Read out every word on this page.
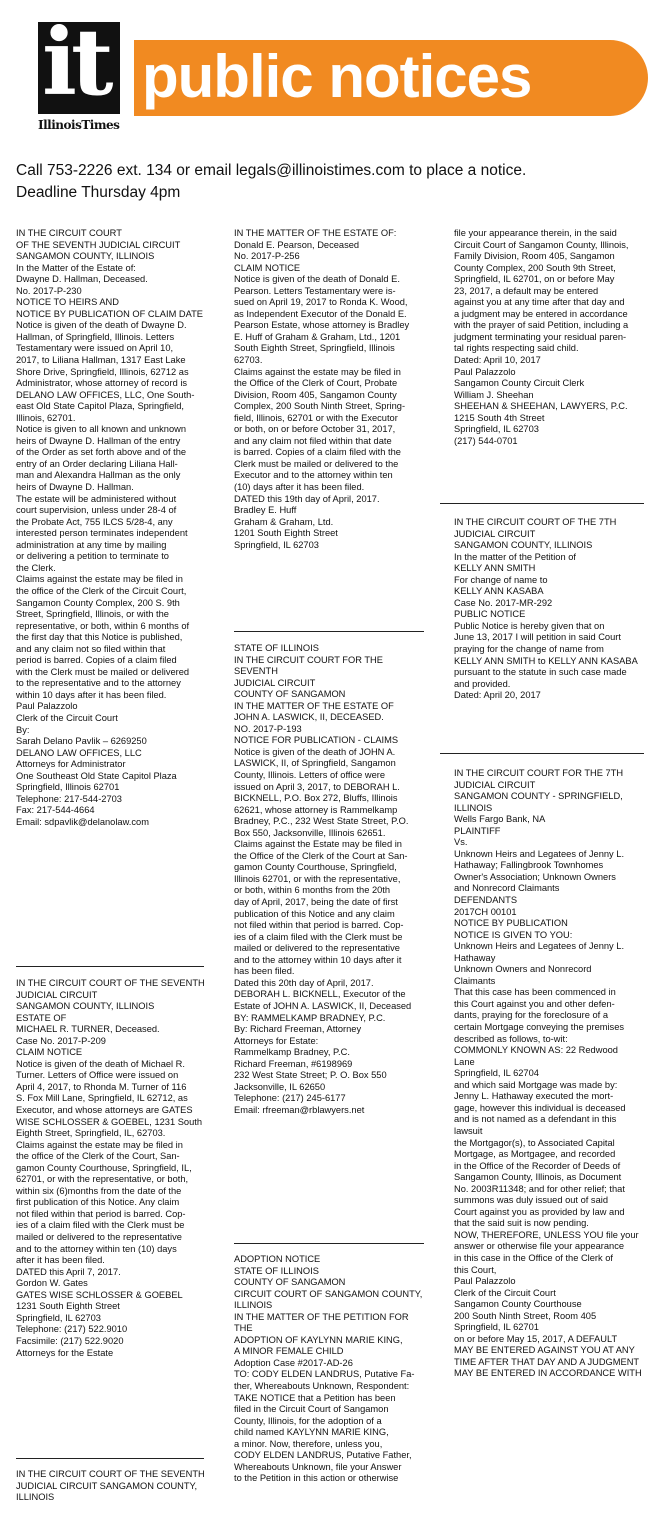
it
IllinoisTimes
public notices
Call 753-2226 ext. 134 or email legals@illinoistimes.com to place a notice.
Deadline Thursday 4pm

IN THE CIRCUIT COURT
OF THE SEVENTH JUDICIAL CIRCUIT
SANGAMON COUNTY, ILLINOIS
In the Matter of the Estate of:
Dwayne D. Hallman, Deceased.
No. 2017-P-230
NOTICE TO HEIRS AND
NOTICE BY PUBLICATION OF CLAIM DATE
Notice is given of the death of Dwayne D.
Hallman, of Springfield, Illinois. Letters
Testamentary were issued on April 10,
2017, to Liliana Hallman, 1317 East Lake
Shore Drive, Springfield, Illinois, 62712 as
Administrator, whose attorney of record is
DELANO LAW OFFICES, LLC, One South-
east Old State Capitol Plaza, Springfield,
Illinois, 62701.
Notice is given to all known and unknown
heirs of Dwayne D. Hallman of the entry
of the Order as set forth above and of the
entry of an Order declaring Liliana Hall-
man and Alexandra Hallman as the only
heirs of Dwayne D. Hallman.
The estate will be administered without
court supervision, unless under 28-4 of
the Probate Act, 755 ILCS 5/28-4, any
interested person terminates independent
administration at any time by mailing
or delivering a petition to terminate to
the Clerk.
Claims against the estate may be filed in
the office of the Clerk of the Circuit Court,
Sangamon County Complex, 200 S. 9th
Street, Springfield, Illinois, or with the
representative, or both, within 6 months of
the first day that this Notice is published,
and any claim not so filed within that
period is barred. Copies of a claim filed
with the Clerk must be mailed or delivered
to the representative and to the attorney
within 10 days after it has been filed.
Paul Palazzolo
Clerk of the Circuit Court
By:
Sarah Delano Pavlik – 6269250
DELANO LAW OFFICES, LLC
Attorneys for Administrator
One Southeast Old State Capitol Plaza
Springfield, Illinois 62701
Telephone: 217-544-2703
Fax: 217-544-4664
Email: sdpavlik@delanolaw.com

IN THE CIRCUIT COURT OF THE SEVENTH
JUDICIAL CIRCUIT
SANGAMON COUNTY, ILLINOIS
ESTATE OF
MICHAEL R. TURNER, Deceased.
Case No. 2017-P-209
CLAIM NOTICE
Notice is given of the death of Michael R.
Turner. Letters of Office were issued on
April 4, 2017, to Rhonda M. Turner of 116
S. Fox Mill Lane, Springfield, IL 62712, as
Executor, and whose attorneys are GATES
WISE SCHLOSSER & GOEBEL, 1231 South
Eighth Street, Springfield, IL, 62703.
Claims against the estate may be filed in
the office of the Clerk of the Court, San-
gamon County Courthouse, Springfield, IL,
62701, or with the representative, or both,
within six (6)months from the date of the
first publication of this Notice. Any claim
not filed within that period is barred. Cop-
ies of a claim filed with the Clerk must be
mailed or delivered to the representative
and to the attorney within ten (10) days
after it has been filed.
DATED this April 7, 2017.
Gordon W. Gates
GATES WISE SCHLOSSER & GOEBEL
1231 South Eighth Street
Springfield, IL 62703
Telephone: (217) 522.9010
Facsimile: (217) 522.9020
Attorneys for the Estate

IN THE CIRCUIT COURT OF THE SEVENTH
JUDICIAL CIRCUIT SANGAMON COUNTY,
ILLINOIS

IN THE MATTER OF THE ESTATE OF:
Donald E. Pearson, Deceased
No. 2017-P-256
CLAIM NOTICE
Notice is given of the death of Donald E.
Pearson. Letters Testamentary were is-
sued on April 19, 2017 to Ronda K. Wood,
as Independent Executor of the Donald E.
Pearson Estate, whose attorney is Bradley
E. Huff of Graham & Graham, Ltd., 1201
South Eighth Street, Springfield, Illinois
62703.
Claims against the estate may be filed in
the Office of the Clerk of Court, Probate
Division, Room 405, Sangamon County
Complex, 200 South Ninth Street, Spring-
field, Illinois, 62701 or with the Executor
or both, on or before October 31, 2017,
and any claim not filed within that date
is barred. Copies of a claim filed with the
Clerk must be mailed or delivered to the
Executor and to the attorney within ten
(10) days after it has been filed.
DATED this 19th day of April, 2017.
Bradley E. Huff
Graham & Graham, Ltd.
1201 South Eighth Street
Springfield, IL 62703

STATE OF ILLINOIS
IN THE CIRCUIT COURT FOR THE SEVENTH
JUDICIAL CIRCUIT
COUNTY OF SANGAMON
IN THE MATTER OF THE ESTATE OF
JOHN A. LASWICK, II, DECEASED.
NO. 2017-P-193
NOTICE FOR PUBLICATION - CLAIMS
Notice is given of the death of JOHN A.
LASWICK, II, of Springfield, Sangamon
County, Illinois. Letters of office were
issued on April 3, 2017, to DEBORAH L.
BICKNELL, P.O. Box 272, Bluffs, Illinois
62621, whose attorney is Rammelkamp
Bradney, P.C., 232 West State Street, P.O.
Box 550, Jacksonville, Illinois 62651.
Claims against the Estate may be filed in
the Office of the Clerk of the Court at San-
gamon County Courthouse, Springfield,
Illinois 62701, or with the representative,
or both, within 6 months from the 20th
day of April, 2017, being the date of first
publication of this Notice and any claim
not filed within that period is barred. Cop-
ies of a claim filed with the Clerk must be
mailed or delivered to the representative
and to the attorney within 10 days after it
has been filed.
Dated this 20th day of April, 2017.
DEBORAH L. BICKNELL, Executor of the
Estate of JOHN A. LASWICK, II, Deceased
BY: RAMMELKAMP BRADNEY, P.C.
By: Richard Freeman, Attorney
Attorneys for Estate:
Rammelkamp Bradney, P.C.
Richard Freeman, #6198969
232 West State Street; P. O. Box 550
Jacksonville, IL 62650
Telephone: (217) 245-6177
Email: rfreeman@rblawyers.net

ADOPTION NOTICE
STATE OF ILLINOIS
COUNTY OF SANGAMON
CIRCUIT COURT OF SANGAMON COUNTY,
ILLINOIS
IN THE MATTER OF THE PETITION FOR
THE
ADOPTION OF KAYLYNN MARIE KING,
A MINOR FEMALE CHILD
Adoption Case #2017-AD-26
TO: CODY ELDEN LANDRUS, Putative Fa-
ther, Whereabouts Unknown, Respondent:
TAKE NOTICE that a Petition has been
filed in the Circuit Court of Sangamon
County, Illinois, for the adoption of a
child named KAYLYNN MARIE KING,
a minor. Now, therefore, unless you,
CODY ELDEN LANDRUS, Putative Father,
Whereabouts Unknown, file your Answer
to the Petition in this action or otherwise

file your appearance therein, in the said
Circuit Court of Sangamon County, Illinois,
Family Division, Room 405, Sangamon
County Complex, 200 South 9th Street,
Springfield, IL 62701, on or before May
23, 2017, a default may be entered
against you at any time after that day and
a judgment may be entered in accordance
with the prayer of said Petition, including a
judgment terminating your residual paren-
tal rights respecting said child.
Dated: April 10, 2017
Paul Palazzolo
Sangamon County Circuit Clerk
William J. Sheehan
SHEEHAN & SHEEHAN, LAWYERS, P.C.
1215 South 4th Street
Springfield, IL 62703
(217) 544-0701

IN THE CIRCUIT COURT OF THE 7TH
JUDICIAL CIRCUIT
SANGAMON COUNTY, ILLINOIS
In the matter of the Petition of
KELLY ANN SMITH
For change of name to
KELLY ANN KASABA
Case No. 2017-MR-292
PUBLIC NOTICE
Public Notice is hereby given that on
June 13, 2017 I will petition in said Court
praying for the change of name from
KELLY ANN SMITH to KELLY ANN KASABA
pursuant to the statute in such case made
and provided.
Dated: April 20, 2017

IN THE CIRCUIT COURT FOR THE 7TH
JUDICIAL CIRCUIT
SANGAMON COUNTY - SPRINGFIELD,
ILLINOIS
Wells Fargo Bank, NA
PLAINTIFF
Vs.
Unknown Heirs and Legatees of Jenny L.
Hathaway; Fallingbrook Townhomes
Owner's Association; Unknown Owners
and Nonrecord Claimants
DEFENDANTS
2017CH 00101
NOTICE BY PUBLICATION
NOTICE IS GIVEN TO YOU:
Unknown Heirs and Legatees of Jenny L.
Hathaway
Unknown Owners and Nonrecord
Claimants
That this case has been commenced in
this Court against you and other defen-
dants, praying for the foreclosure of a
certain Mortgage conveying the premises
described as follows, to-wit:
COMMONLY KNOWN AS: 22 Redwood
Lane
Springfield, IL 62704
and which said Mortgage was made by:
Jenny L. Hathaway executed the mort-
gage, however this individual is deceased
and is not named as a defendant in this
lawsuit
the Mortgagor(s), to Associated Capital
Mortgage, as Mortgagee, and recorded
in the Office of the Recorder of Deeds of
Sangamon County, Illinois, as Document
No. 2003R11348; and for other relief; that
summons was duly issued out of said
Court against you as provided by law and
that the said suit is now pending.
NOW, THEREFORE, UNLESS YOU file your
answer or otherwise file your appearance
in this case in the Office of the Clerk of
this Court,
Paul Palazzolo
Clerk of the Circuit Court
Sangamon County Courthouse
200 South Ninth Street, Room 405
Springfield, IL 62701
on or before May 15, 2017, A DEFAULT
MAY BE ENTERED AGAINST YOU AT ANY
TIME AFTER THAT DAY AND A JUDGMENT
MAY BE ENTERED IN ACCORDANCE WITH
